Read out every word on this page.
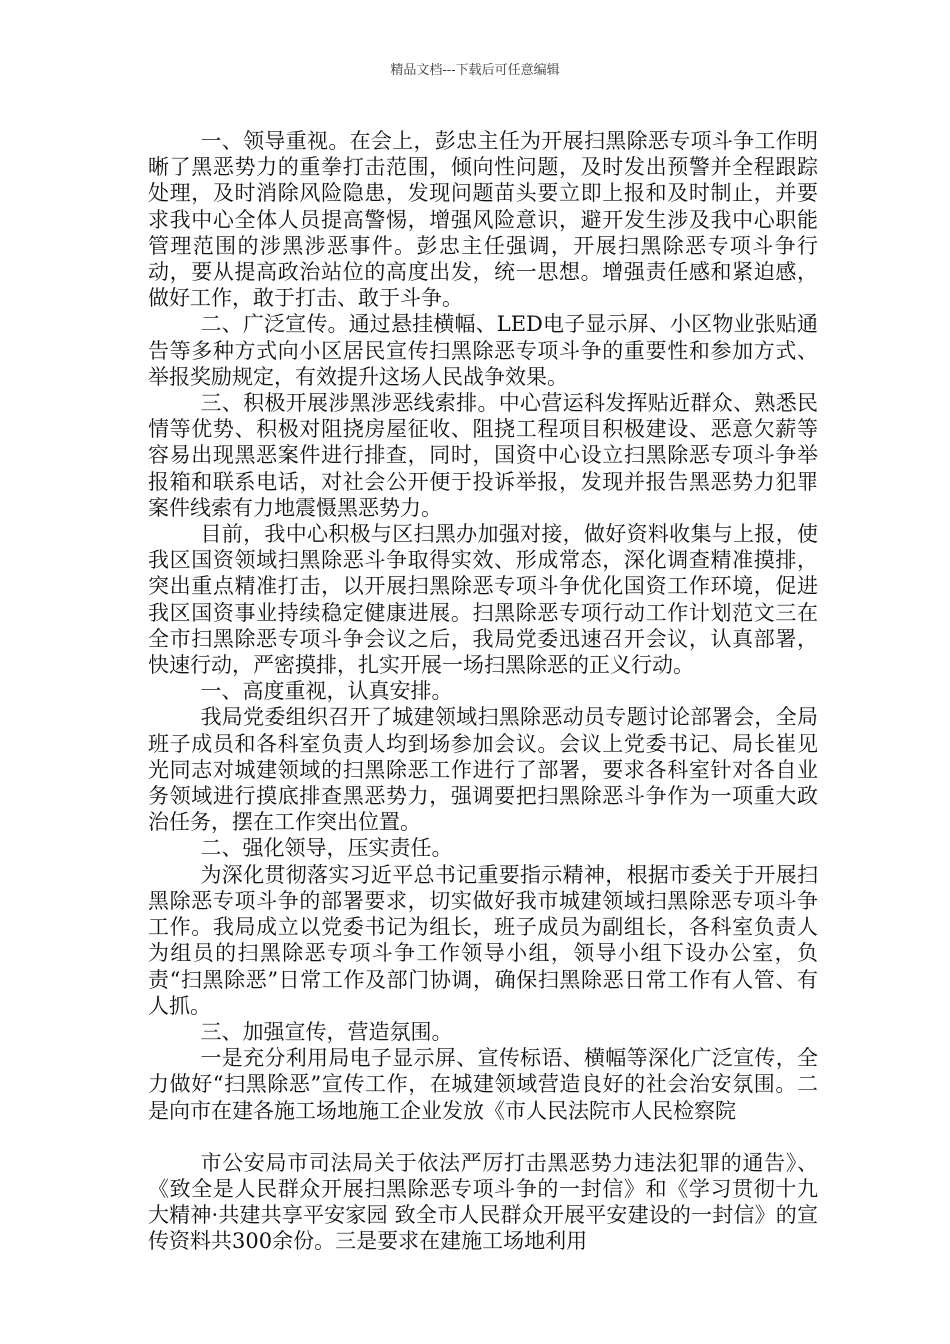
精品文档---下载后可任意编辑

一、领导重视。在会上，彭忠主任为开展扫黑除恶专项斗争工作明晰了黑恶势力的重拳打击范围，倾向性问题，及时发出预警并全程跟踪处理，及时消除风险隐患，发现问题苗头要立即上报和及时制止，并要求我中心全体人员提高警惕，增强风险意识，避开发生涉及我中心职能管理范围的涉黑涉恶事件。彭忠主任强调，开展扫黑除恶专项斗争行动，要从提高政治站位的高度出发，统一思想。增强责任感和紧迫感，做好工作，敢于打击、敢于斗争。

二、广泛宣传。通过悬挂横幅、LED电子显示屏、小区物业张贴通告等多种方式向小区居民宣传扫黑除恶专项斗争的重要性和参加方式、举报奖励规定，有效提升这场人民战争效果。

三、积极开展涉黑涉恶线索排。中心营运科发挥贴近群众、熟悉民情等优势、积极对阻挠房屋征收、阻挠工程项目积极建设、恶意欠薪等容易出现黑恶案件进行排查，同时，国资中心设立扫黑除恶专项斗争举报箱和联系电话，对社会公开便于投诉举报，发现并报告黑恶势力犯罪案件线索有力地震慑黑恶势力。

目前，我中心积极与区扫黑办加强对接，做好资料收集与上报，使我区国资领域扫黑除恶斗争取得实效、形成常态，深化调查精准摸排，突出重点精准打击，以开展扫黑除恶专项斗争优化国资工作环境，促进我区国资事业持续稳定健康进展。扫黑除恶专项行动工作计划范文三在全市扫黑除恶专项斗争会议之后，我局党委迅速召开会议，认真部署，快速行动，严密摸排，扎实开展一场扫黑除恶的正义行动。

一、高度重视，认真安排。

我局党委组织召开了城建领域扫黑除恶动员专题讨论部署会，全局班子成员和各科室负责人均到场参加会议。会议上党委书记、局长崔见光同志对城建领域的扫黑除恶工作进行了部署，要求各科室针对各自业务领域进行摸底排查黑恶势力，强调要把扫黑除恶斗争作为一项重大政治任务，摆在工作突出位置。

二、强化领导，压实责任。

为深化贯彻落实习近平总书记重要指示精神，根据市委关于开展扫黑除恶专项斗争的部署要求，切实做好我市城建领域扫黑除恶专项斗争工作。我局成立以党委书记为组长，班子成员为副组长，各科室负责人为组员的扫黑除恶专项斗争工作领导小组，领导小组下设办公室，负责“扫黑除恶”日常工作及部门协调，确保扫黑除恶日常工作有人管、有人抓。

三、加强宣传，营造氛围。

一是充分利用局电子显示屏、宣传标语、横幅等深化广泛宣传，全力做好“扫黑除恶”宣传工作，在城建领域营造良好的社会治安氛围。二是向市在建各施工场地施工企业发放《市人民法院市人民检察院

市公安局市司法局关于依法严厉打击黑恶势力违法犯罪的通告》、《致全是人民群众开展扫黑除恶专项斗争的一封信》和《学习贯彻十九大精神·共建共享平安家园 致全市人民群众开展平安建设的一封信》的宣传资料共300余份。三是要求在建施工场地利用
